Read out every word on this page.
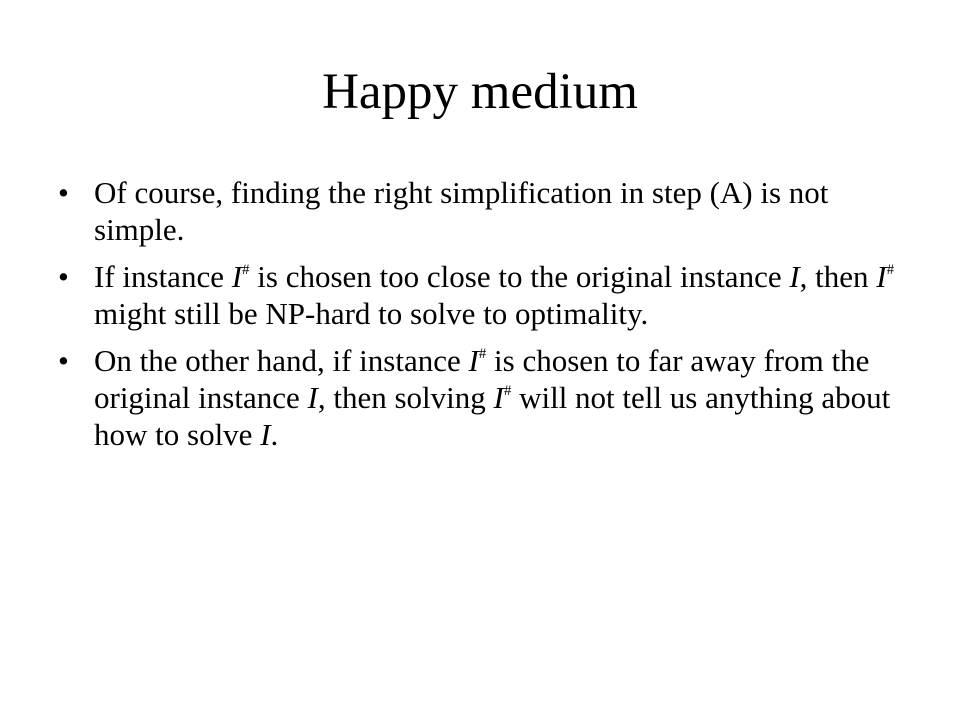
Happy medium
• Of course, finding the right simplification in step (A) is not simple.
• If instance I# is chosen too close to the original instance I, then I# might still be NP-hard to solve to optimality.
• On the other hand, if instance I# is chosen to far away from the original instance I, then solving I# will not tell us anything about how to solve I.
